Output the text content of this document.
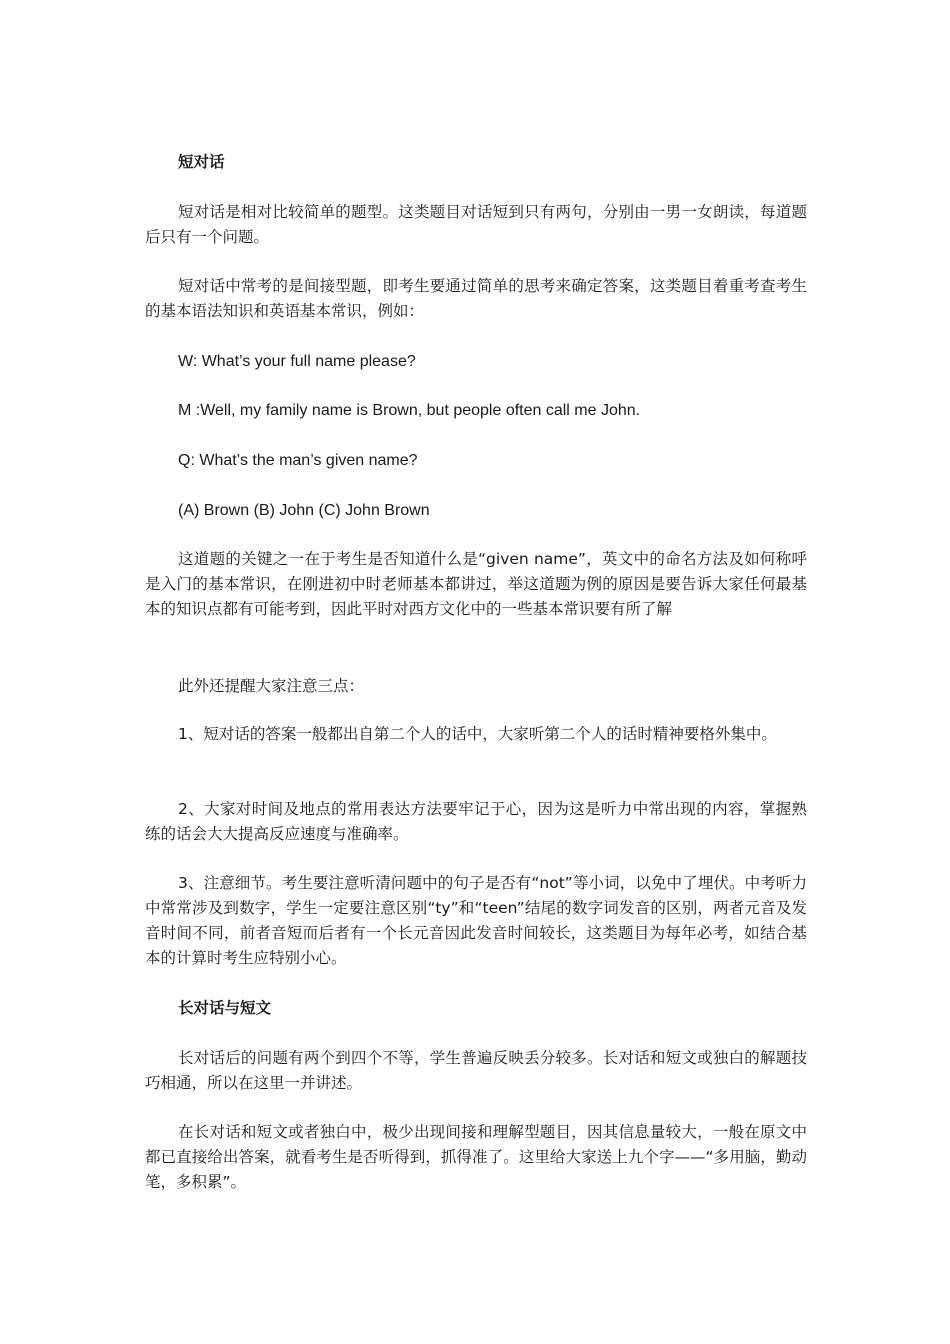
短对话

短对话是相对比较简单的题型。这类题目对话短到只有两句，分别由一男一女朗读，每道题后只有一个问题。

短对话中常考的是间接型题，即考生要通过简单的思考来确定答案，这类题目着重考查考生的基本语法知识和英语基本常识，例如：

W: What’s your full name please?

M :Well, my family name is Brown, but people often call me John.

Q: What’s the man’s given name?

(A) Brown (B) John (C) John Brown

这道题的关键之一在于考生是否知道什么是“given name”，英文中的命名方法及如何称呼是入门的基本常识，在刚进初中时老师基本都讲过，举这道题为例的原因是要告诉大家任何最基本的知识点都有可能考到，因此平时对西方文化中的一些基本常识要有所了解

此外还提醒大家注意三点：

1、短对话的答案一般都出自第二个人的话中，大家听第二个人的话时精神要格外集中。

2、大家对时间及地点的常用表达方法要牢记于心，因为这是听力中常出现的内容，掌握熟练的话会大大提高反应速度与准确率。

3、注意细节。考生要注意听清问题中的句子是否有“not”等小词，以免中了埋伏。中考听力中常常涉及到数字，学生一定要注意区别“ty”和“teen”结尾的数字词发音的区别，两者元音及发音时间不同，前者音短而后者有一个长元音因此发音时间较长，这类题目为每年必考，如结合基本的计算时考生应特别小心。

长对话与短文

长对话后的问题有两个到四个不等，学生普遍反映丢分较多。长对话和短文或独白的解题技巧相通，所以在这里一并讲述。

在长对话和短文或者独白中，极少出现间接和理解型题目，因其信息量较大，一般在原文中都已直接给出答案，就看考生是否听得到，抓得准了。这里给大家送上九个字——“多用脑，勤动笔，多积累”。
